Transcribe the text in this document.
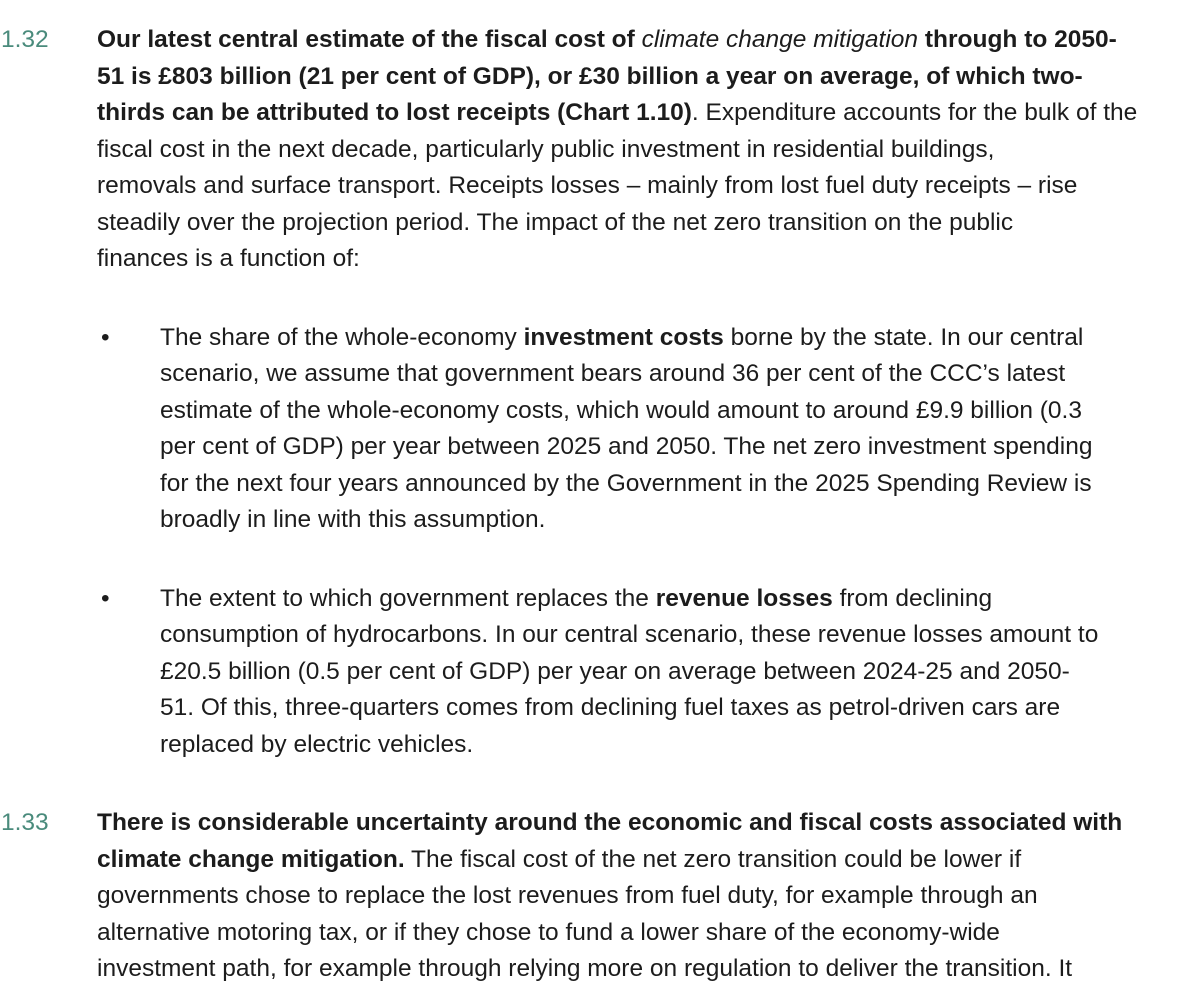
1.32 Our latest central estimate of the fiscal cost of climate change mitigation through to 2050-
51 is £803 billion (21 per cent of GDP), or £30 billion a year on average, of which two-
thirds can be attributed to lost receipts (Chart 1.10). Expenditure accounts for the bulk of the
fiscal cost in the next decade, particularly public investment in residential buildings,
removals and surface transport. Receipts losses – mainly from lost fuel duty receipts – rise
steadily over the projection period. The impact of the net zero transition on the public
finances is a function of:
• The share of the whole-economy investment costs borne by the state. In our central
scenario, we assume that government bears around 36 per cent of the CCC’s latest
estimate of the whole-economy costs, which would amount to around £9.9 billion (0.3
per cent of GDP) per year between 2025 and 2050. The net zero investment spending
for the next four years announced by the Government in the 2025 Spending Review is
broadly in line with this assumption.
• The extent to which government replaces the revenue losses from declining
consumption of hydrocarbons. In our central scenario, these revenue losses amount to
£20.5 billion (0.5 per cent of GDP) per year on average between 2024-25 and 2050-
51. Of this, three-quarters comes from declining fuel taxes as petrol-driven cars are
replaced by electric vehicles.
1.33 There is considerable uncertainty around the economic and fiscal costs associated with
climate change mitigation. The fiscal cost of the net zero transition could be lower if
governments chose to replace the lost revenues from fuel duty, for example through an
alternative motoring tax, or if they chose to fund a lower share of the economy-wide
investment path, for example through relying more on regulation to deliver the transition. It
